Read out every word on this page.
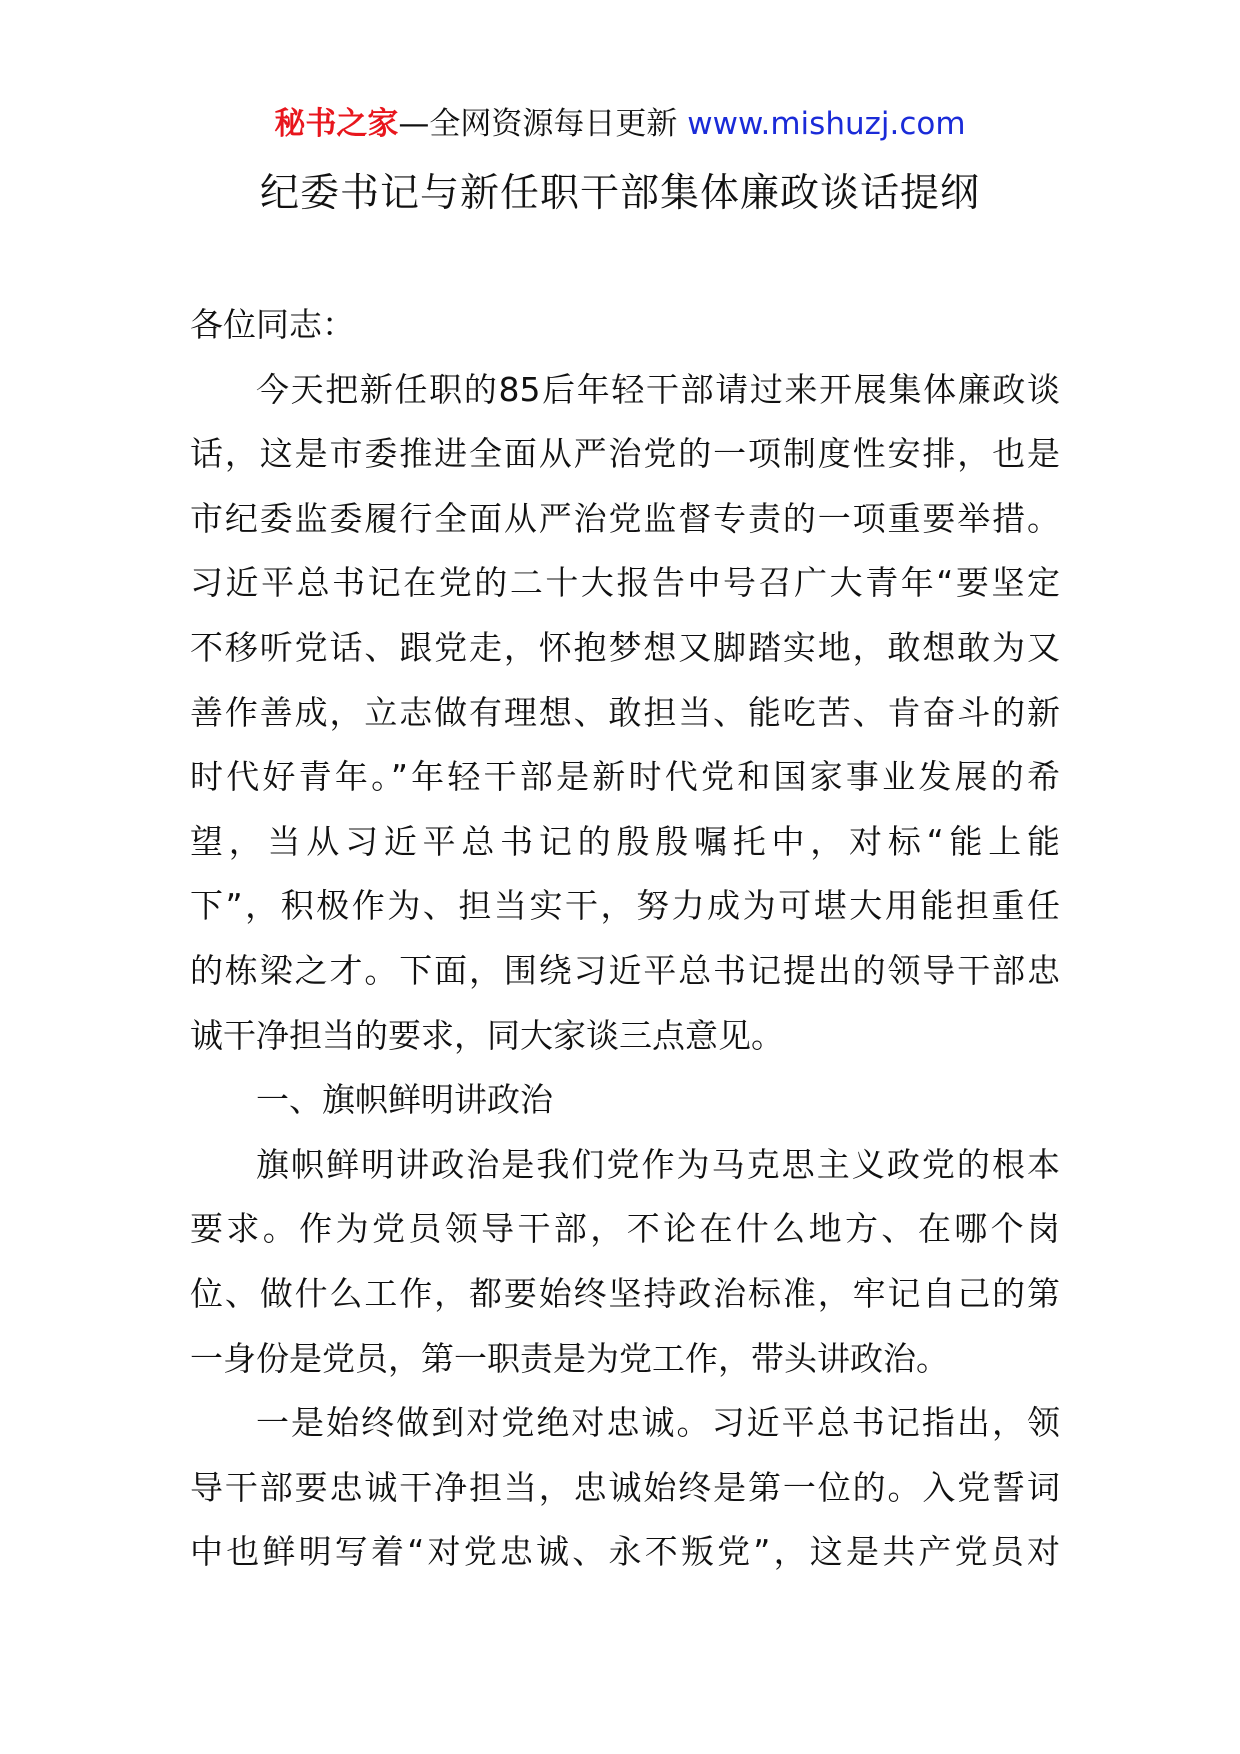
秘书之家—全网资源每日更新 www.mishuzj.com
纪委书记与新任职干部集体廉政谈话提纲
各位同志：
今天把新任职的85后年轻干部请过来开展集体廉政谈
话，这是市委推进全面从严治党的一项制度性安排，也是
市纪委监委履行全面从严治党监督专责的一项重要举措。
习近平总书记在党的二十大报告中号召广大青年“要坚定
不移听党话、跟党走，怀抱梦想又脚踏实地，敢想敢为又
善作善成，立志做有理想、敢担当、能吃苦、肯奋斗的新
时代好青年。”年轻干部是新时代党和国家事业发展的希
望，当从习近平总书记的殷殷嘱托中，对标“能上能
下”，积极作为、担当实干，努力成为可堪大用能担重任
的栋梁之才。下面，围绕习近平总书记提出的领导干部忠
诚干净担当的要求，同大家谈三点意见。
一、旗帜鲜明讲政治
旗帜鲜明讲政治是我们党作为马克思主义政党的根本
要求。作为党员领导干部，不论在什么地方、在哪个岗
位、做什么工作，都要始终坚持政治标准，牢记自己的第
一身份是党员，第一职责是为党工作，带头讲政治。
一是始终做到对党绝对忠诚。习近平总书记指出，领
导干部要忠诚干净担当，忠诚始终是第一位的。入党誓词
中也鲜明写着“对党忠诚、永不叛党”，这是共产党员对
